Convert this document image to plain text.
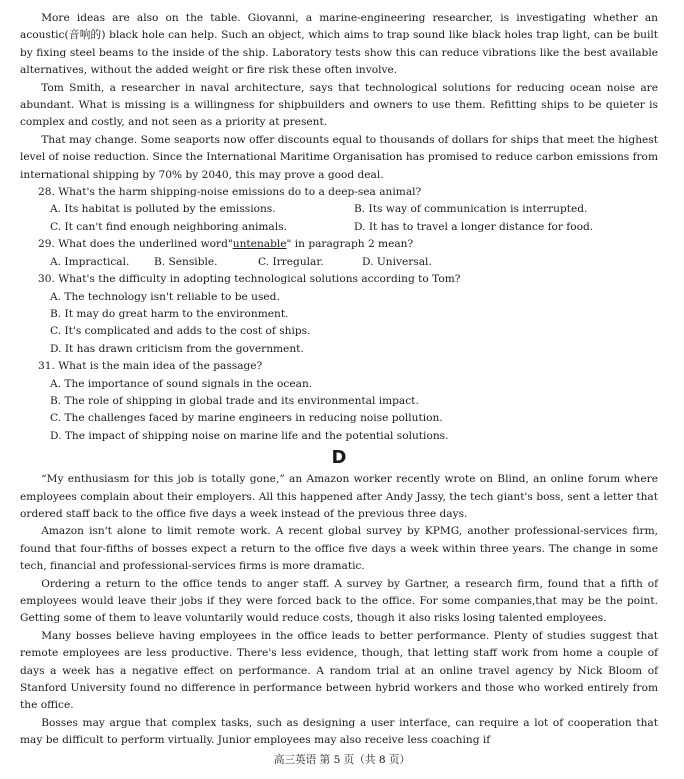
More ideas are also on the table. Giovanni, a marine-engineering researcher, is investigating whether an acoustic(音响的) black hole can help. Such an object, which aims to trap sound like black holes trap light, can be built by fixing steel beams to the inside of the ship. Laboratory tests show this can reduce vibrations like the best available alternatives, without the added weight or fire risk these often involve.

Tom Smith, a researcher in naval architecture, says that technological solutions for reducing ocean noise are abundant. What is missing is a willingness for shipbuilders and owners to use them. Refitting ships to be quieter is complex and costly, and not seen as a priority at present.

That may change. Some seaports now offer discounts equal to thousands of dollars for ships that meet the highest level of noise reduction. Since the International Maritime Organisation has promised to reduce carbon emissions from international shipping by 70% by 2040, this may prove a good deal.

28. What's the harm shipping-noise emissions do to a deep-sea animal?

A. Its habitat is polluted by the emissions.	B. Its way of communication is interrupted.
C. It can't find enough neighboring animals.	D. It has to travel a longer distance for food.

29. What does the underlined word"untenable" in paragraph 2 mean?

A. Impractical.	B. Sensible.	C. Irregular.	D. Universal.

30. What's the difficulty in adopting technological solutions according to Tom?

A. The technology isn't reliable to be used.

B. It may do great harm to the environment.

C. It's complicated and adds to the cost of ships.

D. It has drawn criticism from the government.

31. What is the main idea of the passage?

A. The importance of sound signals in the ocean.

B. The role of shipping in global trade and its environmental impact.

C. The challenges faced by marine engineers in reducing noise pollution.

D. The impact of shipping noise on marine life and the potential solutions.

D

“My enthusiasm for this job is totally gone,” an Amazon worker recently wrote on Blind, an online forum where employees complain about their employers. All this happened after Andy Jassy, the tech giant's boss, sent a letter that ordered staff back to the office five days a week instead of the previous three days.

Amazon isn't alone to limit remote work. A recent global survey by KPMG, another professional-services firm, found that four-fifths of bosses expect a return to the office five days a week within three years. The change in some tech, financial and professional-services firms is more dramatic.

Ordering a return to the office tends to anger staff. A survey by Gartner, a research firm, found that a fifth of employees would leave their jobs if they were forced back to the office. For some companies,that may be the point. Getting some of them to leave voluntarily would reduce costs, though it also risks losing talented employees.

Many bosses believe having employees in the office leads to better performance. Plenty of studies suggest that remote employees are less productive. There's less evidence, though, that letting staff work from home a couple of days a week has a negative effect on performance. A random trial at an online travel agency by Nick Bloom of Stanford University found no difference in performance between hybrid workers and those who worked entirely from the office.

Bosses may argue that complex tasks, such as designing a user interface, can require a lot of cooperation that may be difficult to perform virtually. Junior employees may also receive less coaching if

高三英语 第 5 页（共 8 页）
